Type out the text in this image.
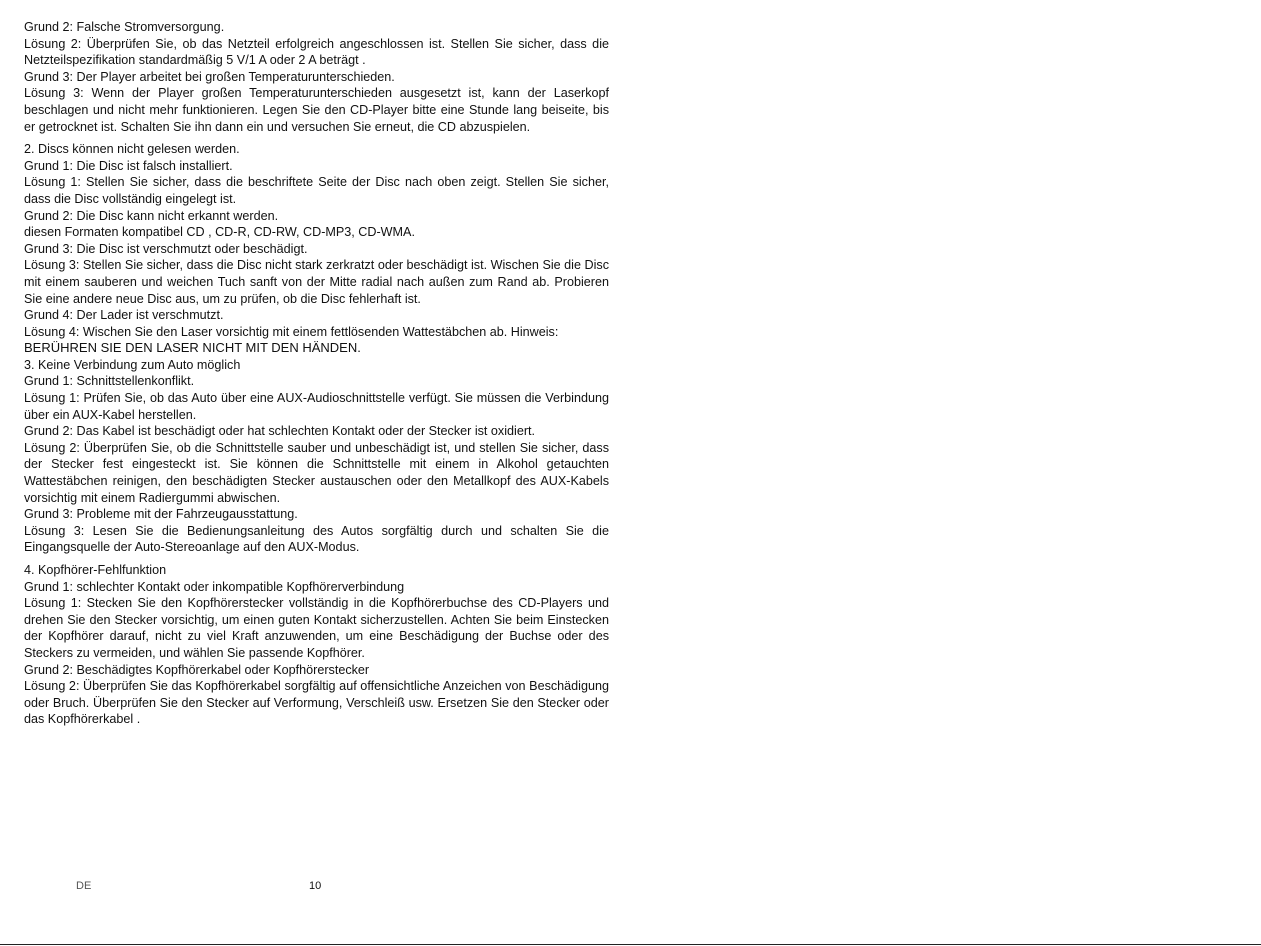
Grund 2: Falsche Stromversorgung.

Lösung 2: Überprüfen Sie, ob das Netzteil erfolgreich angeschlossen ist. Stellen Sie sicher, dass die Netzteilspezifikation standardmäßig 5 V/1 A oder 2 A beträgt .

Grund 3: Der Player arbeitet bei großen Temperaturunterschieden.

Lösung 3: Wenn der Player großen Temperaturunterschieden ausgesetzt ist, kann der Laserkopf beschlagen und nicht mehr funktionieren. Legen Sie den CD-Player bitte eine Stunde lang beiseite, bis er getrocknet ist. Schalten Sie ihn dann ein und versuchen Sie erneut, die CD abzuspielen.

2. Discs können nicht gelesen werden.

Grund 1: Die Disc ist falsch installiert.

Lösung 1: Stellen Sie sicher, dass die beschriftete Seite der Disc nach oben zeigt. Stellen Sie sicher, dass die Disc vollständig eingelegt ist.

Grund 2: Die Disc kann nicht erkannt werden.

diesen Formaten kompatibel CD , CD-R, CD-RW, CD-MP3, CD-WMA.

Grund 3: Die Disc ist verschmutzt oder beschädigt.

Lösung 3: Stellen Sie sicher, dass die Disc nicht stark zerkratzt oder beschädigt ist. Wischen Sie die Disc mit einem sauberen und weichen Tuch sanft von der Mitte radial nach außen zum Rand ab. Probieren Sie eine andere neue Disc aus, um zu prüfen, ob die Disc fehlerhaft ist.

Grund 4: Der Lader ist verschmutzt.

Lösung 4: Wischen Sie den Laser vorsichtig mit einem fettlösenden Wattestäbchen ab. Hinweis:

BERÜHREN SIE DEN LASER NICHT MIT DEN HÄNDEN.

3. Keine Verbindung zum Auto möglich

Grund 1: Schnittstellenkonflikt.

Lösung 1: Prüfen Sie, ob das Auto über eine AUX-Audioschnittstelle verfügt. Sie müssen die Verbindung über ein AUX-Kabel herstellen.

Grund 2: Das Kabel ist beschädigt oder hat schlechten Kontakt oder der Stecker ist oxidiert.

Lösung 2: Überprüfen Sie, ob die Schnittstelle sauber und unbeschädigt ist, und stellen Sie sicher, dass der Stecker fest eingesteckt ist. Sie können die Schnittstelle mit einem in Alkohol getauchten Wattestäbchen reinigen, den beschädigten Stecker austauschen oder den Metallkopf des AUX-Kabels vorsichtig mit einem Radiergummi abwischen.

Grund 3: Probleme mit der Fahrzeugausstattung.

Lösung 3: Lesen Sie die Bedienungsanleitung des Autos sorgfältig durch und schalten Sie die Eingangsquelle der Auto-Stereoanlage auf den AUX-Modus.

4. Kopfhörer-Fehlfunktion

Grund 1: schlechter Kontakt oder inkompatible Kopfhörerverbindung

Lösung 1: Stecken Sie den Kopfhörerstecker vollständig in die Kopfhörerbuchse des CD-Players und drehen Sie den Stecker vorsichtig, um einen guten Kontakt sicherzustellen. Achten Sie beim Einstecken der Kopfhörer darauf, nicht zu viel Kraft anzuwenden, um eine Beschädigung der Buchse oder des Steckers zu vermeiden, und wählen Sie passende Kopfhörer.

Grund 2: Beschädigtes Kopfhörerkabel oder Kopfhörerstecker

Lösung 2: Überprüfen Sie das Kopfhörerkabel sorgfältig auf offensichtliche Anzeichen von Beschädigung oder Bruch. Überprüfen Sie den Stecker auf Verformung, Verschleiß usw. Ersetzen Sie den Stecker oder das Kopfhörerkabel .

DE	10
